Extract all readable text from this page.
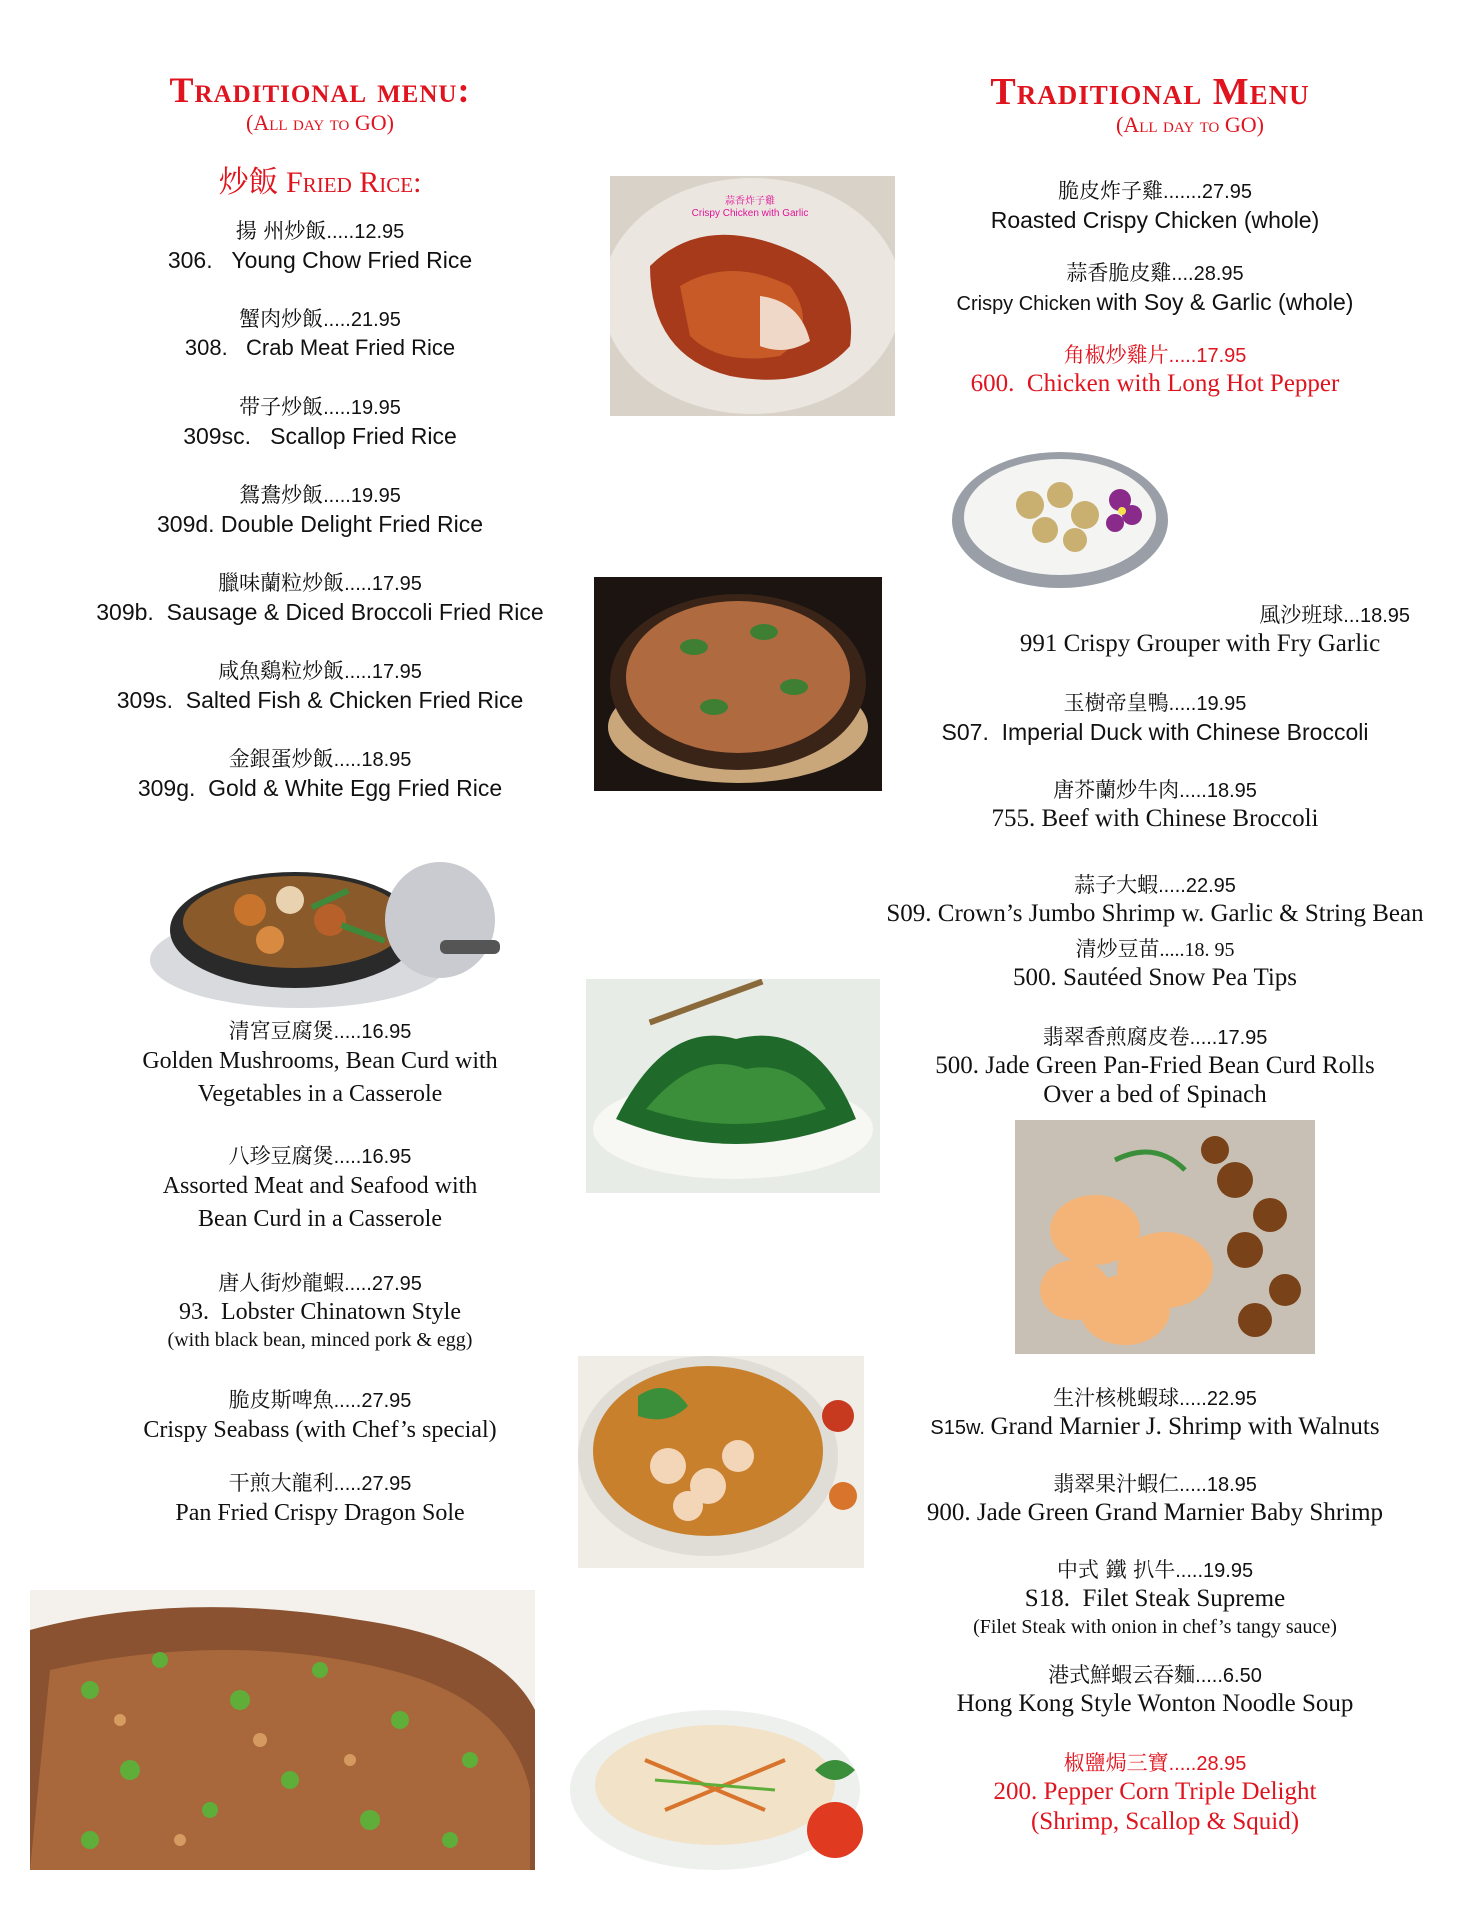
Traditional menu:
(All day to GO)
炒飯 Fried Rice:
揚 州炒飯.....12.95
306.   Young Chow Fried Rice
蟹肉炒飯.....21.95
308.   Crab Meat Fried Rice
带子炒飯.....19.95
309sc.   Scallop Fried Rice
鴛鴦炒飯.....19.95
309d. Double Delight Fried Rice
臘味蘭粒炒飯.....17.95
309b.  Sausage & Diced Broccoli Fried Rice
咸魚鷄粒炒飯.....17.95
309s.  Salted Fish & Chicken Fried Rice
金銀蛋炒飯.....18.95
309g.  Gold & White Egg Fried Rice
清宮豆腐煲.....16.95
Golden Mushrooms, Bean Curd with
Vegetables in a Casserole
八珍豆腐煲.....16.95
Assorted Meat and Seafood with
Bean Curd in a Casserole
唐人街炒龍蝦.....27.95
93.  Lobster Chinatown Style
(with black bean, minced pork & egg)
脆皮斯啤魚.....27.95
Crispy Seabass (with Chef’s special)
干煎大龍利.....27.95
Pan Fried Crispy Dragon Sole
蒜香炸子雞
Crispy Chicken with Garlic
Traditional Menu
(All day to GO)
脆皮炸子雞.......27.95
Roasted Crispy Chicken (whole)
蒜香脆皮雞....28.95
Crispy Chicken with Soy & Garlic (whole)
角椒炒雞片.....17.95
600.  Chicken with Long Hot Pepper
風沙班球...18.95
991 Crispy Grouper with Fry Garlic
玉樹帝皇鴨.....19.95
S07.  Imperial Duck with Chinese Broccoli
唐芥蘭炒牛肉.....18.95
755. Beef with Chinese Broccoli
蒜子大蝦.....22.95
S09. Crown’s Jumbo Shrimp w. Garlic & String Bean
清炒豆苗.....18. 95
500. Sautéed Snow Pea Tips
翡翠香煎腐皮卷.....17.95
500. Jade Green Pan-Fried Bean Curd Rolls
Over a bed of Spinach
生汁核桃蝦球.....22.95
S15w. Grand Marnier J. Shrimp with Walnuts
翡翠果汁蝦仁.....18.95
900. Jade Green Grand Marnier Baby Shrimp
中式 鐵 扒牛.....19.95
S18.  Filet Steak Supreme
(Filet Steak with onion in chef’s tangy sauce)
港式鮮蝦云吞麵.....6.50
Hong Kong Style Wonton Noodle Soup
椒鹽焗三寶.....28.95
200. Pepper Corn Triple Delight
(Shrimp, Scallop & Squid)
